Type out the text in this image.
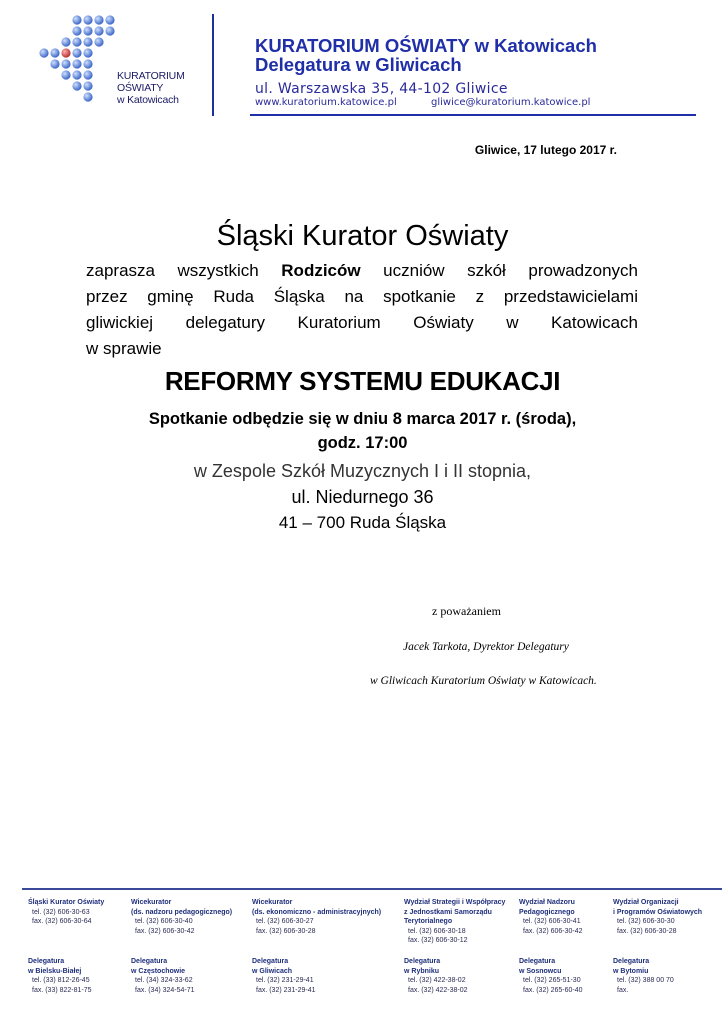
KURATORIUM
OŚWIATY
w Katowicach
KURATORIUM OŚWIATY w Katowicach
Delegatura w Gliwicach
ul. Warszawska 35, 44-102 Gliwice
www.kuratorium.katowice.pl	gliwice@kuratorium.katowice.pl
Gliwice, 17 lutego 2017 r.
Śląski Kurator Oświaty
zaprasza wszystkich Rodziców uczniów szkół prowadzonych
przez gminę Ruda Śląska na spotkanie z przedstawicielami
gliwickiej delegatury Kuratorium Oświaty w Katowicach
w sprawie
REFORMY SYSTEMU EDUKACJI
Spotkanie odbędzie się w dniu 8 marca 2017 r. (środa),
godz. 17:00
w Zespole Szkół Muzycznych I i II stopnia,
ul. Niedurnego 36
41 – 700 Ruda Śląska
z poważaniem
Jacek Tarkota, Dyrektor Delegatury
w Gliwicach Kuratorium Oświaty w Katowicach.
Śląski Kurator Oświaty
tel. (32) 606-30-63
fax. (32) 606-30-64
Wicekurator
(ds. nadzoru pedagogicznego)
tel. (32) 606-30-40
fax. (32) 606-30-42
Wicekurator
(ds. ekonomiczno - administracyjnych)
tel. (32) 606-30-27
fax. (32) 606-30-28
Wydział Strategii i Współpracy
z Jednostkami Samorządu
Terytorialnego
tel. (32) 606-30-18
fax. (32) 606-30-12
Wydział Nadzoru
Pedagogicznego
tel. (32) 606-30-41
fax. (32) 606-30-42
Wydział Organizacji
i Programów Oświatowych
tel. (32) 606-30-30
fax. (32) 606-30-28
Delegatura
w Bielsku-Białej
tel. (33) 812-26-45
fax. (33) 822-81-75
Delegatura
w Częstochowie
tel. (34) 324-33-62
fax. (34) 324-54-71
Delegatura
w Gliwicach
tel. (32) 231-29-41
fax. (32) 231-29-41
Delegatura
w Rybniku
tel. (32) 422-38-02
fax. (32) 422-38-02
Delegatura
w Sosnowcu
tel. (32) 265-51-30
fax. (32) 265-60-40
Delegatura
w Bytomiu
tel. (32) 388 00 70
fax.
